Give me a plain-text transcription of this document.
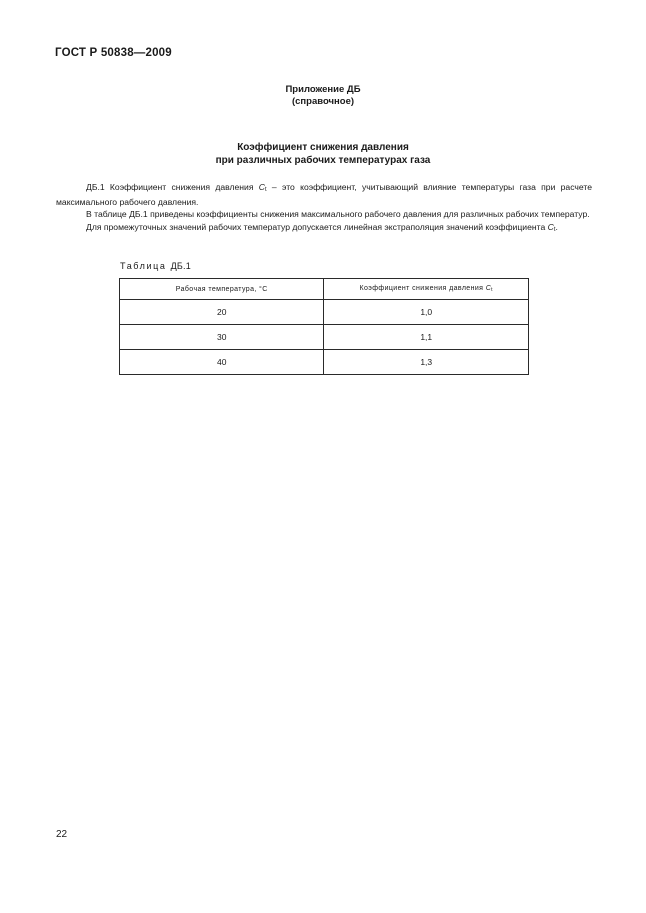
ГОСТ Р 50838—2009
Приложение ДБ
(справочное)
Коэффициент снижения давления
при различных рабочих температурах газа

ДБ.1 Коэффициент снижения давления $C_t$ – это коэффициент, учитывающий влияние температуры газа при расчете максимального рабочего давления.

В таблице ДБ.1 приведены коэффициенты снижения максимального рабочего давления для различных рабочих температур.

Для промежуточных значений рабочих температур допускается линейная экстраполяция значений коэффициента $C_t$.

Таблица ДБ.1
Рабочая температура, °С	Коэффициент снижения давления $C_t$
20	1,0
30	1,1
40	1,3
22
